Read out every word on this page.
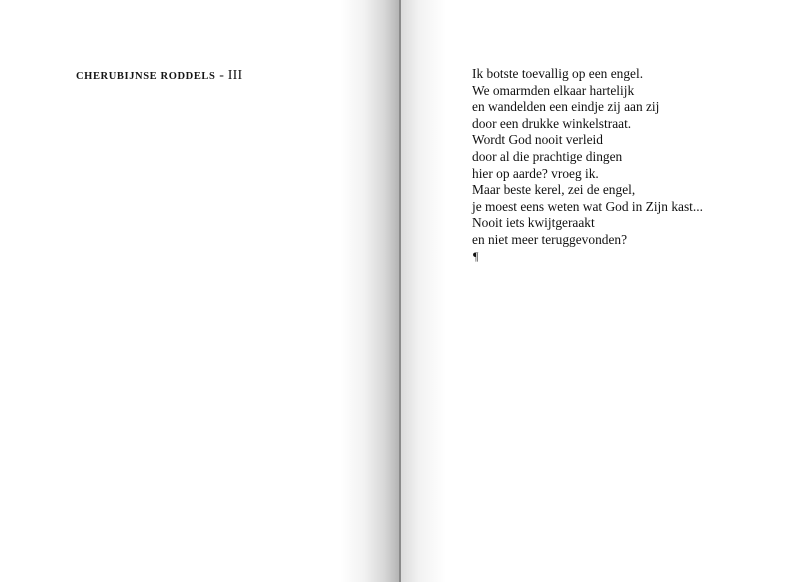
CHERUBIJNSE RODDELS - III	Ik botste toevallig op een engel.
We omarmden elkaar hartelijk
en wandelden een eindje zij aan zij
door een drukke winkelstraat.
Wordt God nooit verleid
door al die prachtige dingen
hier op aarde? vroeg ik.
Maar beste kerel, zei de engel,
je moest eens weten wat God in Zijn kast...
Nooit iets kwijtgeraakt
en niet meer teruggevonden?
¶
